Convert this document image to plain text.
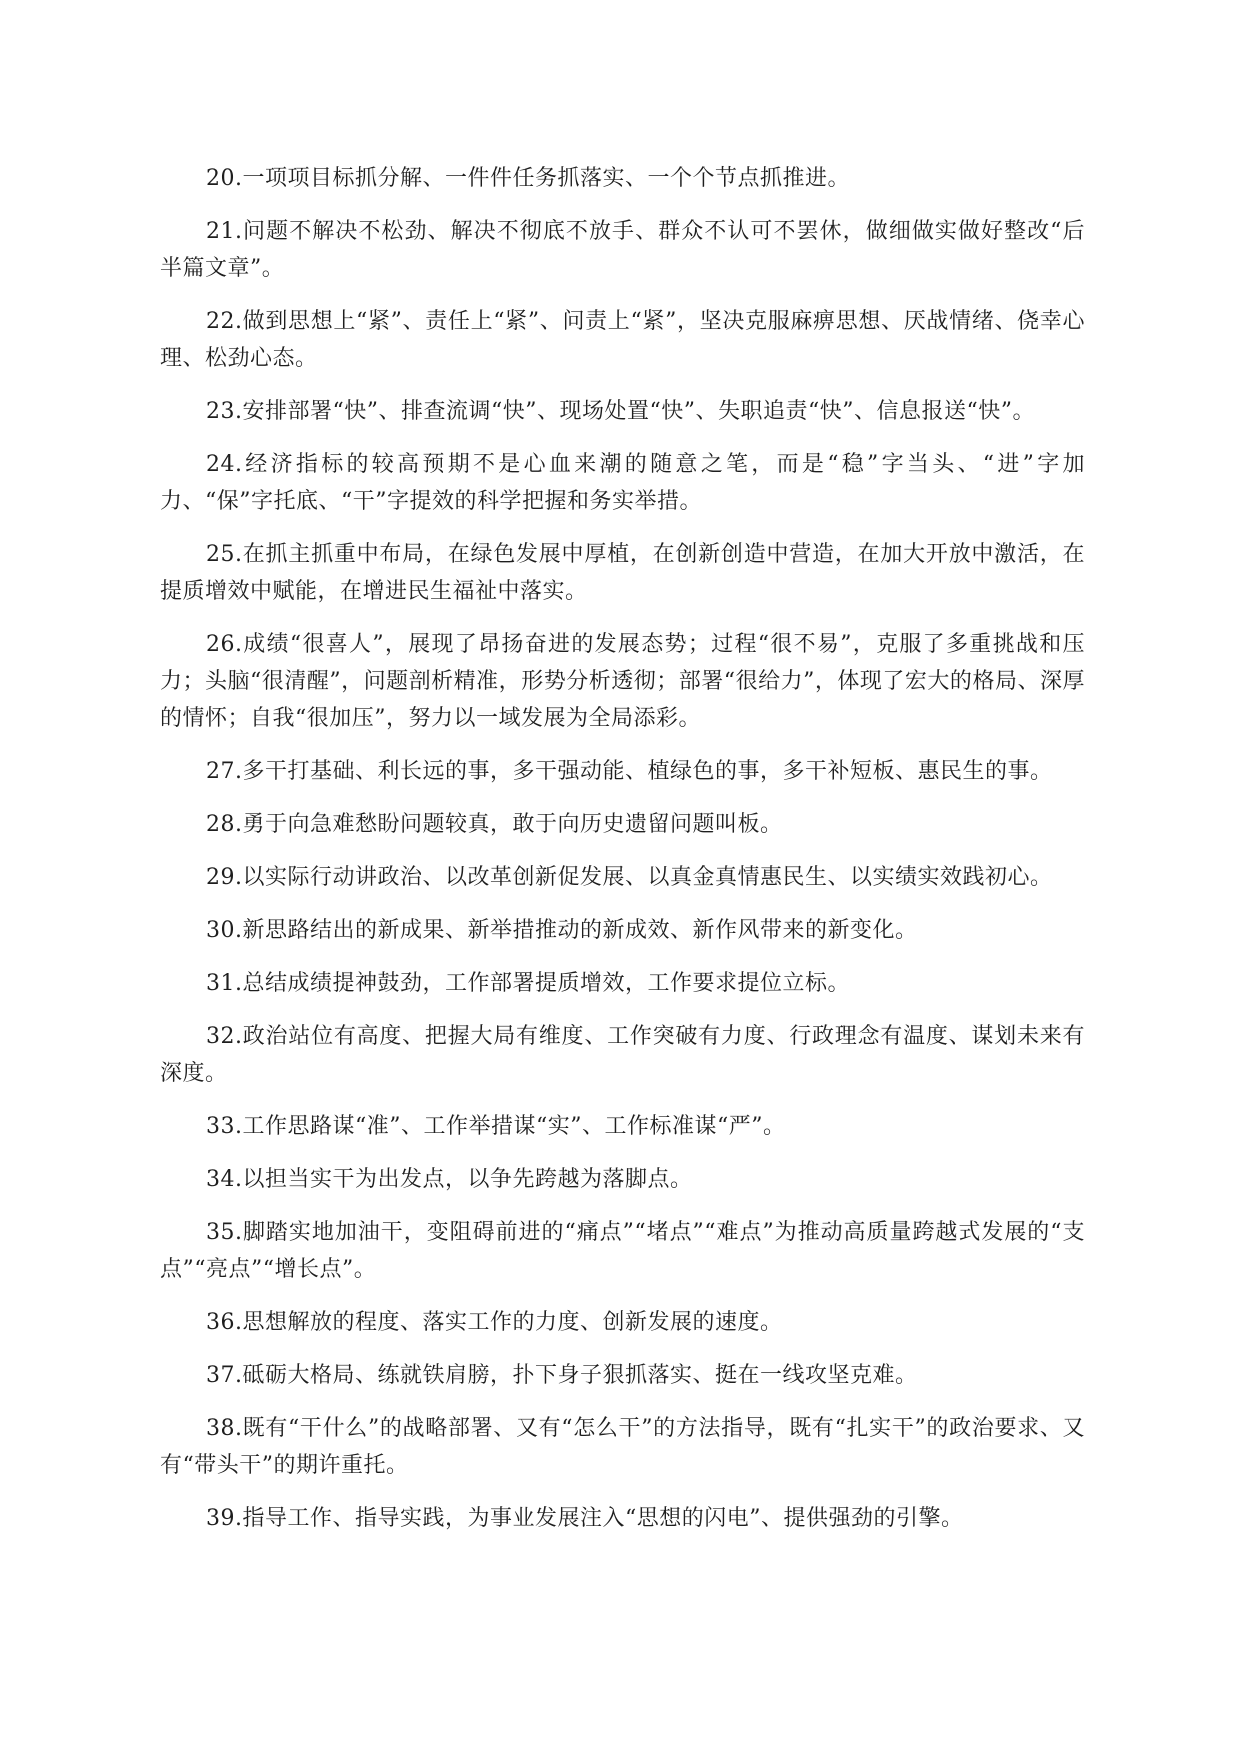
20.一项项目标抓分解、一件件任务抓落实、一个个节点抓推进。

21.问题不解决不松劲、解决不彻底不放手、群众不认可不罢休，做细做实做好整改“后半篇文章”。

22.做到思想上“紧”、责任上“紧”、问责上“紧”，坚决克服麻痹思想、厌战情绪、侥幸心理、松劲心态。

23.安排部署“快”、排查流调“快”、现场处置“快”、失职追责“快”、信息报送“快”。

24.经济指标的较高预期不是心血来潮的随意之笔，而是“稳”字当头、“进”字加力、“保”字托底、“干”字提效的科学把握和务实举措。

25.在抓主抓重中布局，在绿色发展中厚植，在创新创造中营造，在加大开放中激活，在提质增效中赋能，在增进民生福祉中落实。

26.成绩“很喜人”，展现了昂扬奋进的发展态势；过程“很不易”，克服了多重挑战和压力；头脑“很清醒”，问题剖析精准，形势分析透彻；部署“很给力”，体现了宏大的格局、深厚的情怀；自我“很加压”，努力以一域发展为全局添彩。

27.多干打基础、利长远的事，多干强动能、植绿色的事，多干补短板、惠民生的事。

28.勇于向急难愁盼问题较真，敢于向历史遗留问题叫板。

29.以实际行动讲政治、以改革创新促发展、以真金真情惠民生、以实绩实效践初心。

30.新思路结出的新成果、新举措推动的新成效、新作风带来的新变化。

31.总结成绩提神鼓劲，工作部署提质增效，工作要求提位立标。

32.政治站位有高度、把握大局有维度、工作突破有力度、行政理念有温度、谋划未来有深度。

33.工作思路谋“准”、工作举措谋“实”、工作标准谋“严”。

34.以担当实干为出发点，以争先跨越为落脚点。

35.脚踏实地加油干，变阻碍前进的“痛点”“堵点”“难点”为推动高质量跨越式发展的“支点”“亮点”“增长点”。

36.思想解放的程度、落实工作的力度、创新发展的速度。

37.砥砺大格局、练就铁肩膀，扑下身子狠抓落实、挺在一线攻坚克难。

38.既有“干什么”的战略部署、又有“怎么干”的方法指导，既有“扎实干”的政治要求、又有“带头干”的期许重托。

39.指导工作、指导实践，为事业发展注入“思想的闪电”、提供强劲的引擎。
